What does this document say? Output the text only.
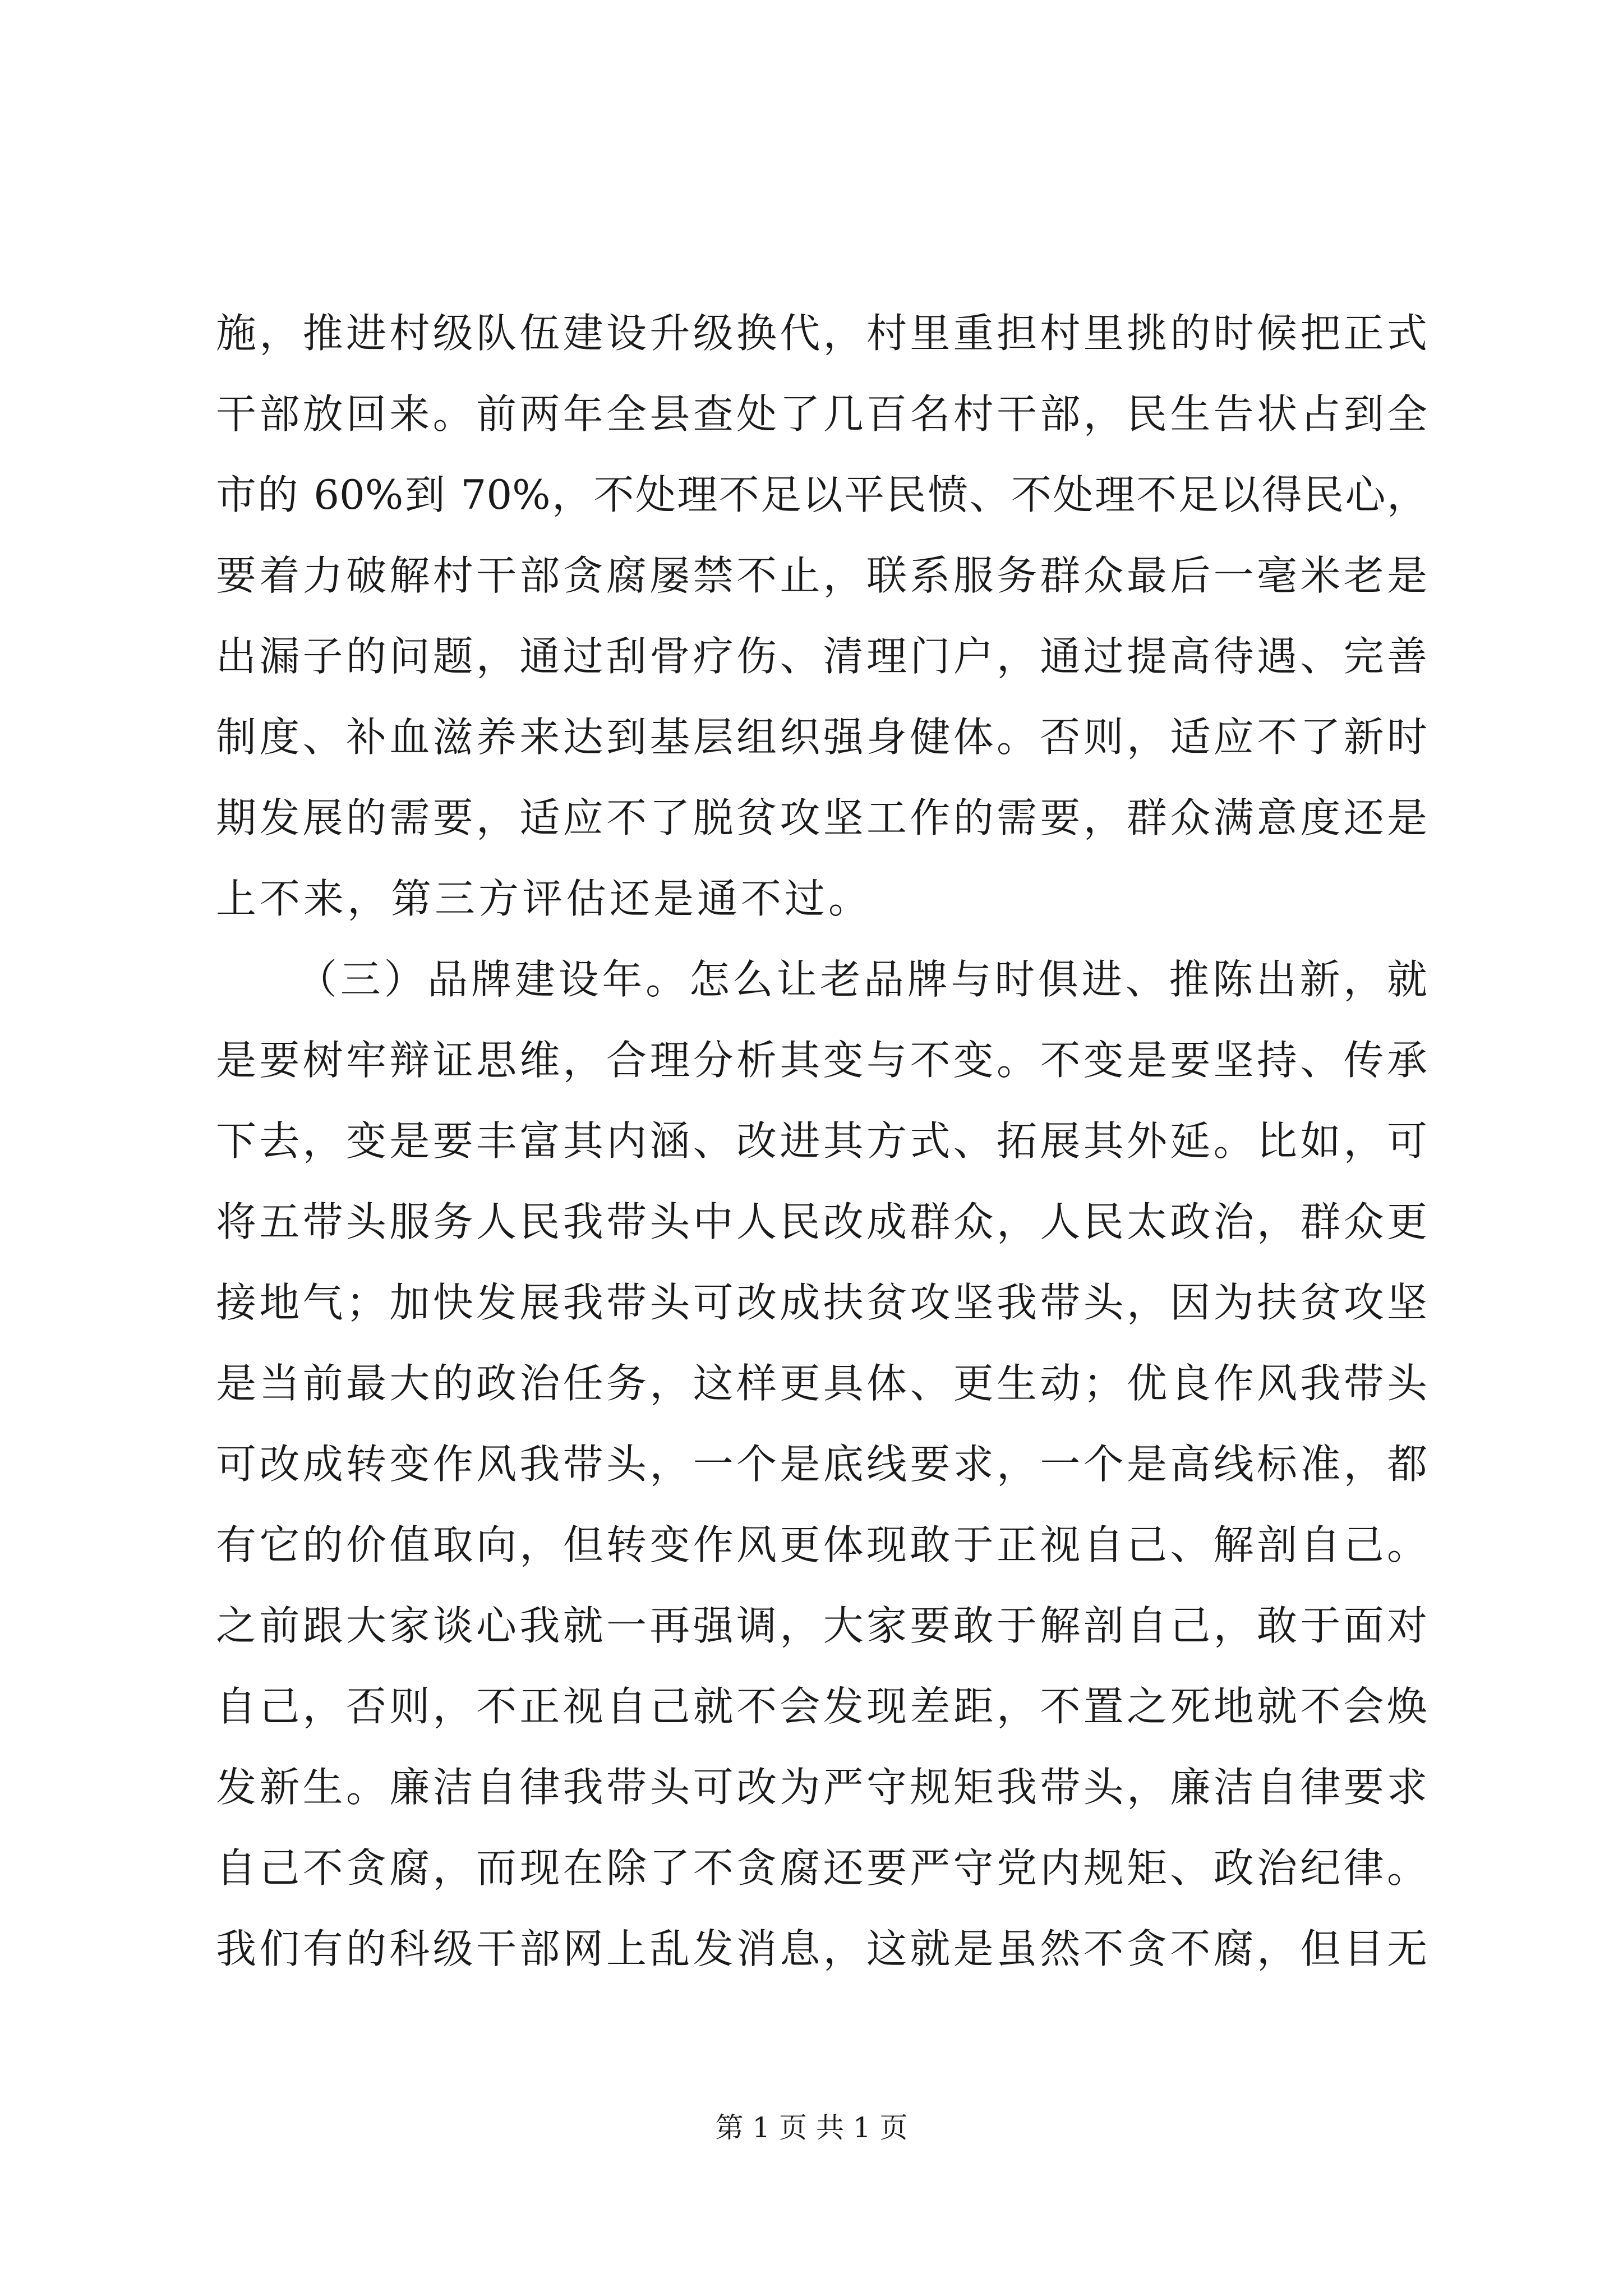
施，推进村级队伍建设升级换代，村里重担村里挑的时候把正式
干部放回来。前两年全县查处了几百名村干部，民生告状占到全
市的 60%到 70%，不处理不足以平民愤、不处理不足以得民心，
要着力破解村干部贪腐屡禁不止，联系服务群众最后一毫米老是
出漏子的问题，通过刮骨疗伤、清理门户，通过提高待遇、完善
制度、补血滋养来达到基层组织强身健体。否则，适应不了新时
期发展的需要，适应不了脱贫攻坚工作的需要，群众满意度还是
上不来，第三方评估还是通不过。
（三）品牌建设年。怎么让老品牌与时俱进、推陈出新，就
是要树牢辩证思维，合理分析其变与不变。不变是要坚持、传承
下去，变是要丰富其内涵、改进其方式、拓展其外延。比如，可
将五带头服务人民我带头中人民改成群众，人民太政治，群众更
接地气；加快发展我带头可改成扶贫攻坚我带头，因为扶贫攻坚
是当前最大的政治任务，这样更具体、更生动；优良作风我带头
可改成转变作风我带头，一个是底线要求，一个是高线标准，都
有它的价值取向，但转变作风更体现敢于正视自己、解剖自己。
之前跟大家谈心我就一再强调，大家要敢于解剖自己，敢于面对
自己，否则，不正视自己就不会发现差距，不置之死地就不会焕
发新生。廉洁自律我带头可改为严守规矩我带头，廉洁自律要求
自己不贪腐，而现在除了不贪腐还要严守党内规矩、政治纪律。
我们有的科级干部网上乱发消息，这就是虽然不贪不腐，但目无
第 1 页 共 1 页
